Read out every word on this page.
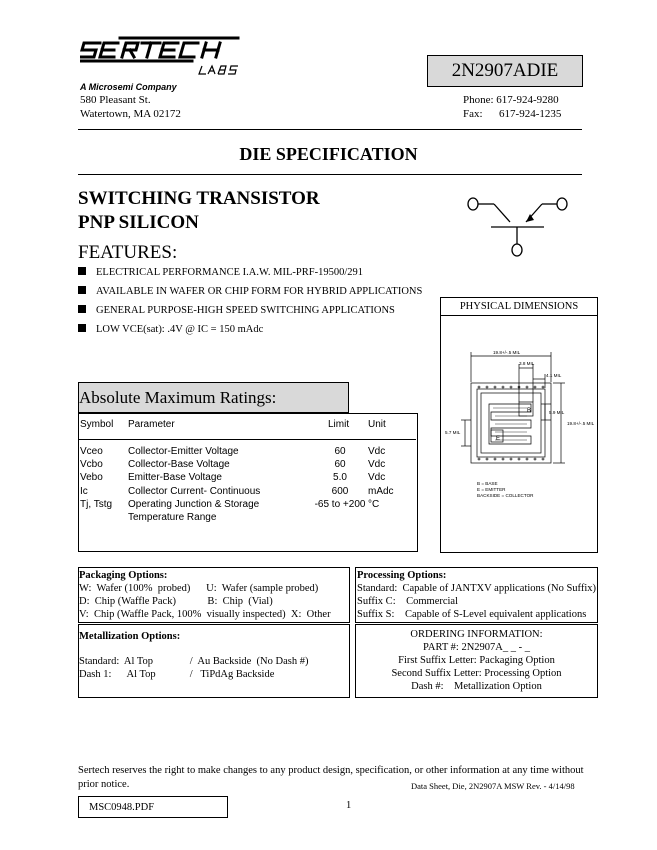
A Microsemi Company
580 Pleasant St.
Watertown, MA 02172
2N2907ADIE
Phone: 617-924-9280
Fax:      617-924-1235
DIE SPECIFICATION
SWITCHING TRANSISTOR
PNP SILICON
FEATURES:
ELECTRICAL PERFORMANCE I.A.W. MIL-PRF-19500/291
AVAILABLE IN WAFER OR CHIP FORM FOR HYBRID APPLICATIONS
GENERAL PURPOSE-HIGH SPEED SWITCHING APPLICATIONS
LOW VCE(sat): .4V @ IC = 150 mAdc
PHYSICAL DIMENSIONS
19.8+/-.5 MIL
3.8 MIL
4.1 MIL
5.9 MIL
19.8+/-.5 MIL
5.7 MIL
B
E
B = BASE
E = EMITTER
BACKSIDE = COLLECTOR
Absolute Maximum Ratings:
Symbol Parameter	Limit Unit
Vceo	Collector-Emitter Voltage	60	Vdc
Vcbo	Collector-Base Voltage	60	Vdc
Vebo	Emitter-Base Voltage	5.0	Vdc
Ic	Collector Current- Continuous	600 mAdc
Tj, Tstg Operating Junction & Storage	-65 to +200 °C
Temperature Range
Packaging Options:
W:  Wafer (100%  probed)      U:  Wafer (sample probed)
D:  Chip (Waffle Pack)            B:  Chip  (Vial)
V:  Chip (Waffle Pack, 100%  visually inspected)  X:  Other
Processing Options:
Standard:  Capable of JANTXV applications (No Suffix)
Suffix C:    Commercial
Suffix S:    Capable of S-Level equivalent applications
Metallization Options:
Standard:  Al Top              /  Au Backside  (No Dash #)
Dash 1:      Al Top             /   TiPdAg Backside
ORDERING INFORMATION:
PART #: 2N2907A_ _ - _
First Suffix Letter: Packaging Option
Second Suffix Letter: Processing Option
Dash #:    Metallization Option
Sertech reserves the right to make changes to any product design, specification, or other information at any time without
prior notice.	Data Sheet, Die, 2N2907A MSW Rev. - 4/14/98
MSC0948.PDF	1
